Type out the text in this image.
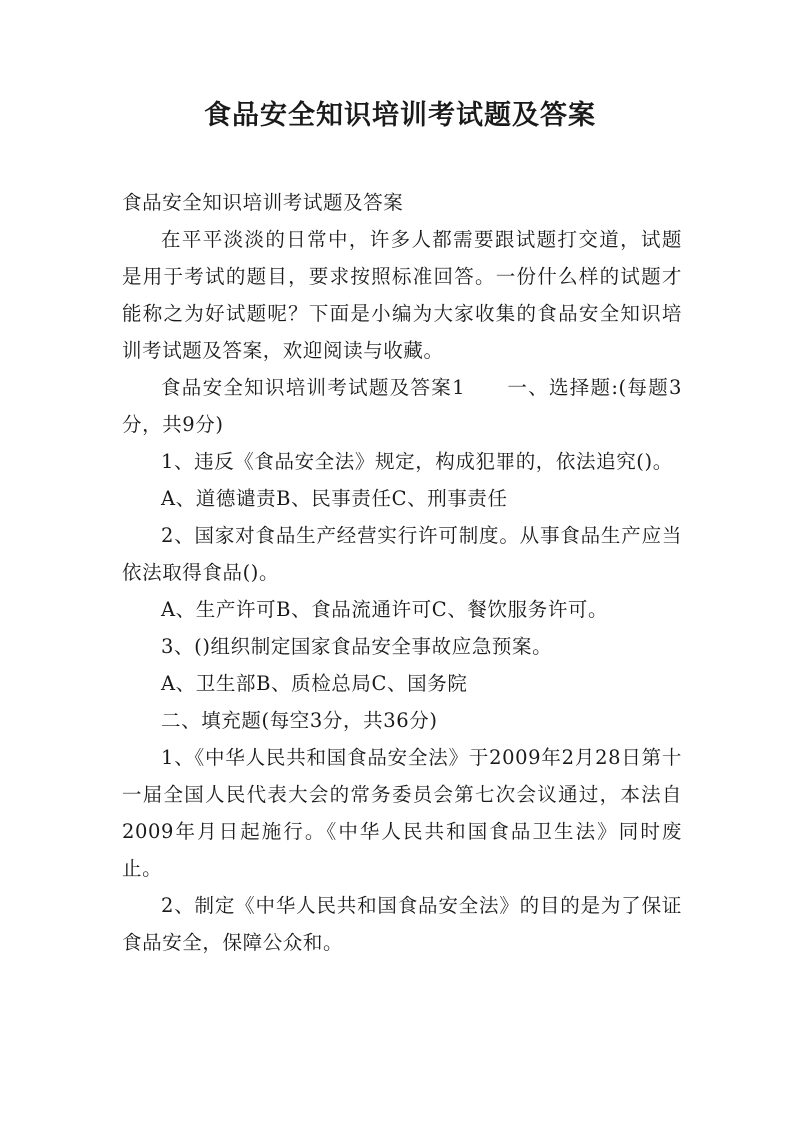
食品安全知识培训考试题及答案

食品安全知识培训考试题及答案

在平平淡淡的日常中，许多人都需要跟试题打交道，试题是用于考试的题目，要求按照标准回答。一份什么样的试题才能称之为好试题呢？下面是小编为大家收集的食品安全知识培训考试题及答案，欢迎阅读与收藏。

食品安全知识培训考试题及答案1　　一、选择题:(每题3分，共9分)

1、违反《食品安全法》规定，构成犯罪的，依法追究()。

A、道德谴责B、民事责任C、刑事责任

2、国家对食品生产经营实行许可制度。从事食品生产应当依法取得食品()。

A、生产许可B、食品流通许可C、餐饮服务许可。

3、()组织制定国家食品安全事故应急预案。

A、卫生部B、质检总局C、国务院

二、填充题(每空3分，共36分)

1、《中华人民共和国食品安全法》于2009年2月28日第十一届全国人民代表大会的常务委员会第七次会议通过，本法自2009年月日起施行。《中华人民共和国食品卫生法》同时废止。

2、制定《中华人民共和国食品安全法》的目的是为了保证食品安全，保障公众和。
